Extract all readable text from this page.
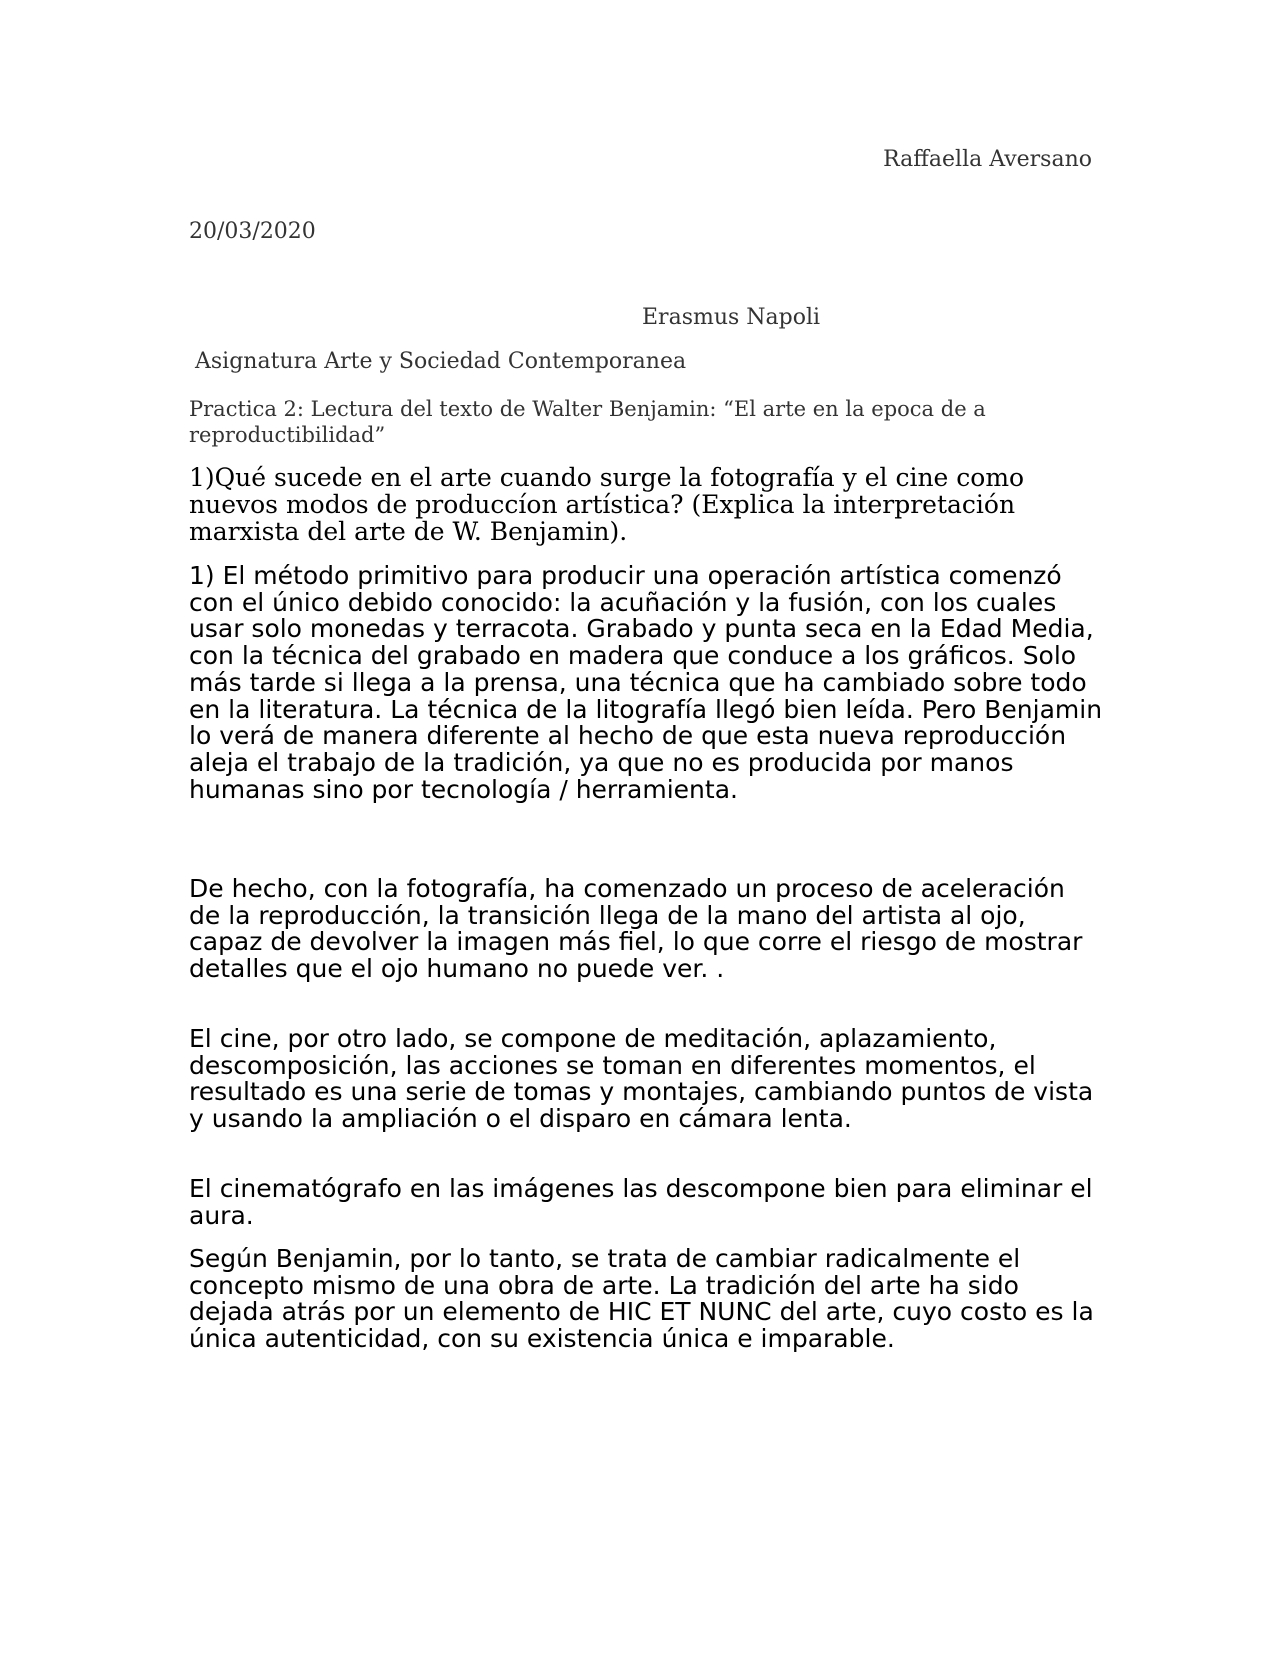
Raffaella Aversano
20/03/2020
Erasmus Napoli
Asignatura Arte y Sociedad Contemporanea
Practica 2: Lectura del texto de Walter Benjamin: “El arte en la epoca de a reproductibilidad”
1)Qué sucede en el arte cuando surge la fotografía y el cine como nuevos modos de produccíon artística? (Explica la interpretación marxista del arte de W. Benjamin).

1) El método primitivo para producir una operación artística comenzó con el único debido conocido: la acuñación y la fusión, con los cuales usar solo monedas y terracota. Grabado y punta seca en la Edad Media, con la técnica del grabado en madera que conduce a los gráficos. Solo más tarde si llega a la prensa, una técnica que ha cambiado sobre todo en la literatura. La técnica de la litografía llegó bien leída. Pero Benjamin lo verá de manera diferente al hecho de que esta nueva reproducción aleja el trabajo de la tradición, ya que no es producida por manos humanas sino por tecnología / herramienta.

De hecho, con la fotografía, ha comenzado un proceso de aceleración de la reproducción, la transición llega de la mano del artista al ojo, capaz de devolver la imagen más fiel, lo que corre el riesgo de mostrar detalles que el ojo humano no puede ver. .

El cine, por otro lado, se compone de meditación, aplazamiento, descomposición, las acciones se toman en diferentes momentos, el resultado es una serie de tomas y montajes, cambiando puntos de vista y usando la ampliación o el disparo en cámara lenta.

El cinematógrafo en las imágenes las descompone bien para eliminar el aura.

Según Benjamin, por lo tanto, se trata de cambiar radicalmente el concepto mismo de una obra de arte. La tradición del arte ha sido dejada atrás por un elemento de HIC ET NUNC del arte, cuyo costo es la única autenticidad, con su existencia única e imparable.
